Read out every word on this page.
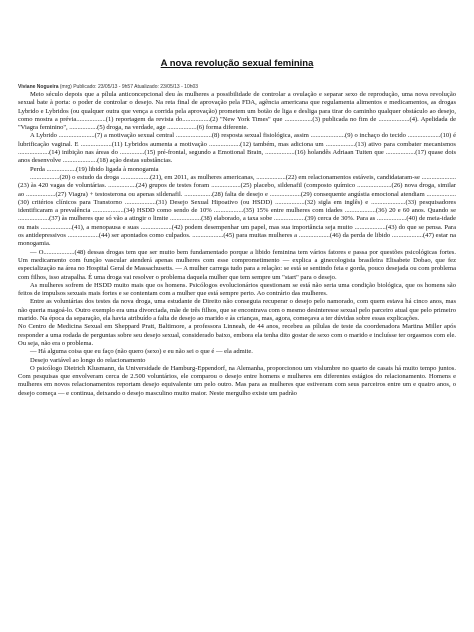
A nova revolução sexual feminina
Viviane Nogueira (mrg) Publicado: 23/05/13 - 9h57 Atualizado: 23/05/13 - 10h03

Meio século depois que a pílula anticoncepcional deu às mulheres a possibilidade de controlar a ovulação e separar sexo de reprodução, uma nova revolução sexual bate à porta: o poder de controlar o desejo. Na reta final de aprovação pela FDA, agência americana que regulamenta alimentos e medicamentos, as drogas Lybrido e Lybridos (ou qualquer outra que vença a corrida pela aprovação) prometem um botão de liga e desliga para tirar do caminho qualquer obstáculo ao desejo, como mostra a prévia..................(1) reportagem da revista do.................(2) "New York Times" que .................(3) publicada no fim de ...................(4). Apelidada de "Viagra feminino", .................(5) droga, na verdade, age ..................(6) forma diferente.

A Lybrido ......................(7) a motivação sexual central ......................(8) resposta sexual fisiológica, assim .....................(9) o inchaço do tecido ....................(10) é lubrificação vaginal. E ...................(11) Lybridos aumenta a motivação ...................(12) também, mas adiciona um ..................(13) ativo para combater mecanismos ...................(14) inibição nas áreas do ...............(15) pré-frontal, segundo a Emotional Brain, ..................(16) holandês Adriaan Tuiten que ..................(17) quase dois anos desenvolve .....................(18) ação destas substâncias.

Perda ..................(19) libido ligada à monogamia

..................(20) o estudo da droga ..................(21), em 2011, as mulheres americanas, ..................(22) em relacionamentos estáveis, candidataram-se .....................(23) às 420 vagas de voluntárias. .................(24) grupos de testes foram ..................(25) placebo, sildenafil (composto químico .....................(26) nova droga, similar ao ..................(27) Viagra) + testosterona ou apenas sildenafil. .................(28) falta de desejo e ...................(29) consequente angústia emocional atendiam ..................(30) critérios clínicos para Transtorno ...................(31) Desejo Sexual Hipoativo (ou HSDD) ..................(32) sigla em inglês) e .....................(33) pesquisadores identificaram a prevalência ...................(34) HSDD como sendo de 10% ..................(35) 15% entre mulheres com idades ...................(36) 20 e 60 anos. Quando se ...................(37) às mulheres que só vão a atingir o limite ...................(38) elaborado, a taxa sobe ...................(39) cerca de 30%. Para as ..................(40) de meia-idade ou mais ...................(41), a menopausa e suas ...................(42) podem desempenhar um papel, mas sua importância seja muito ...................(43) do que se pensa. Para os antidepressivos ...................(44) ser apontados como culpados. ...................(45) para muitas mulheres a ...................(46) da perda de libido ...................(47) estar na monogamia.

— O...................(48) dessas drogas tem que ser muito bem fundamentado porque a libido feminina tem vários fatores e passa por questões psicológicas fortes. Um medicamento com função vascular atenderá apenas mulheres com esse comprometimento — explica a ginecologista brasileira Elisabete Dobao, que fez especialização na área no Hospital Geral de Massachusetts. — A mulher carrega tudo para a relação: se está se sentindo feia e gorda, pouco desejada ou com problema com filhos, isso atrapalha. É uma droga vai resolver o problema daquela mulher que tem sempre um "start" para o desejo.

As mulheres sofrem de HSDD muito mais que os homens. Psicólogos evolucionários questionam se está não seria uma condição biológica, que os homens são feitos de impulsos sexuais mais fortes e se contentam com a mulher que está sempre perto. Ao contrário das mulheres.

Entre as voluntárias dos testes da nova droga, uma estudante de Direito não conseguia recuperar o desejo pelo namorado, com quem estava há cinco anos, mas não queria magoá-lo. Outro exemplo era uma divorciada, mãe de três filhos, que se encontrava com o mesmo desinteresse sexual pelo parceiro atual que pelo primeiro marido. Na época da separação, ela havia atribuído a falta de desejo ao marido e às crianças, mas, agora, começava a ter dúvidas sobre essas explicações.

No Centro de Medicina Sexual em Sheppard Pratt, Baltimore, a professora Linneah, de 44 anos, recebeu as pílulas de teste da coordenadora Martina Miller após responder a uma rodada de perguntas sobre seu desejo sexual, considerado baixo, embora ela tenha dito gostar de sexo com o marido e incluísse ter orgasmos com ele. Ou seja, não era o problema.

— Há alguma coisa que eu faço (não quero (sexo) e eu não sei o que é — ela admite.

Desejo variável ao longo do relacionamento

O psicólogo Dietrich Klusmann, da Universidade de Hamburg-Eppendorf, na Alemanha, proporcionou um vislumbre no quarto de casais há muito tempo juntos. Com pesquisas que envolveram cerca de 2.500 voluntários, ele comparou o desejo entre homens e mulheres em diferentes estágios do relacionamento. Homens e mulheres em novos relacionamentos reportam desejo equivalente um pelo outro. Mas para as mulheres que estiveram com seus parceiros entre um e quatro anos, o desejo começa — e continua, deixando o desejo masculino muito maior. Neste mergulho existe um padrão
